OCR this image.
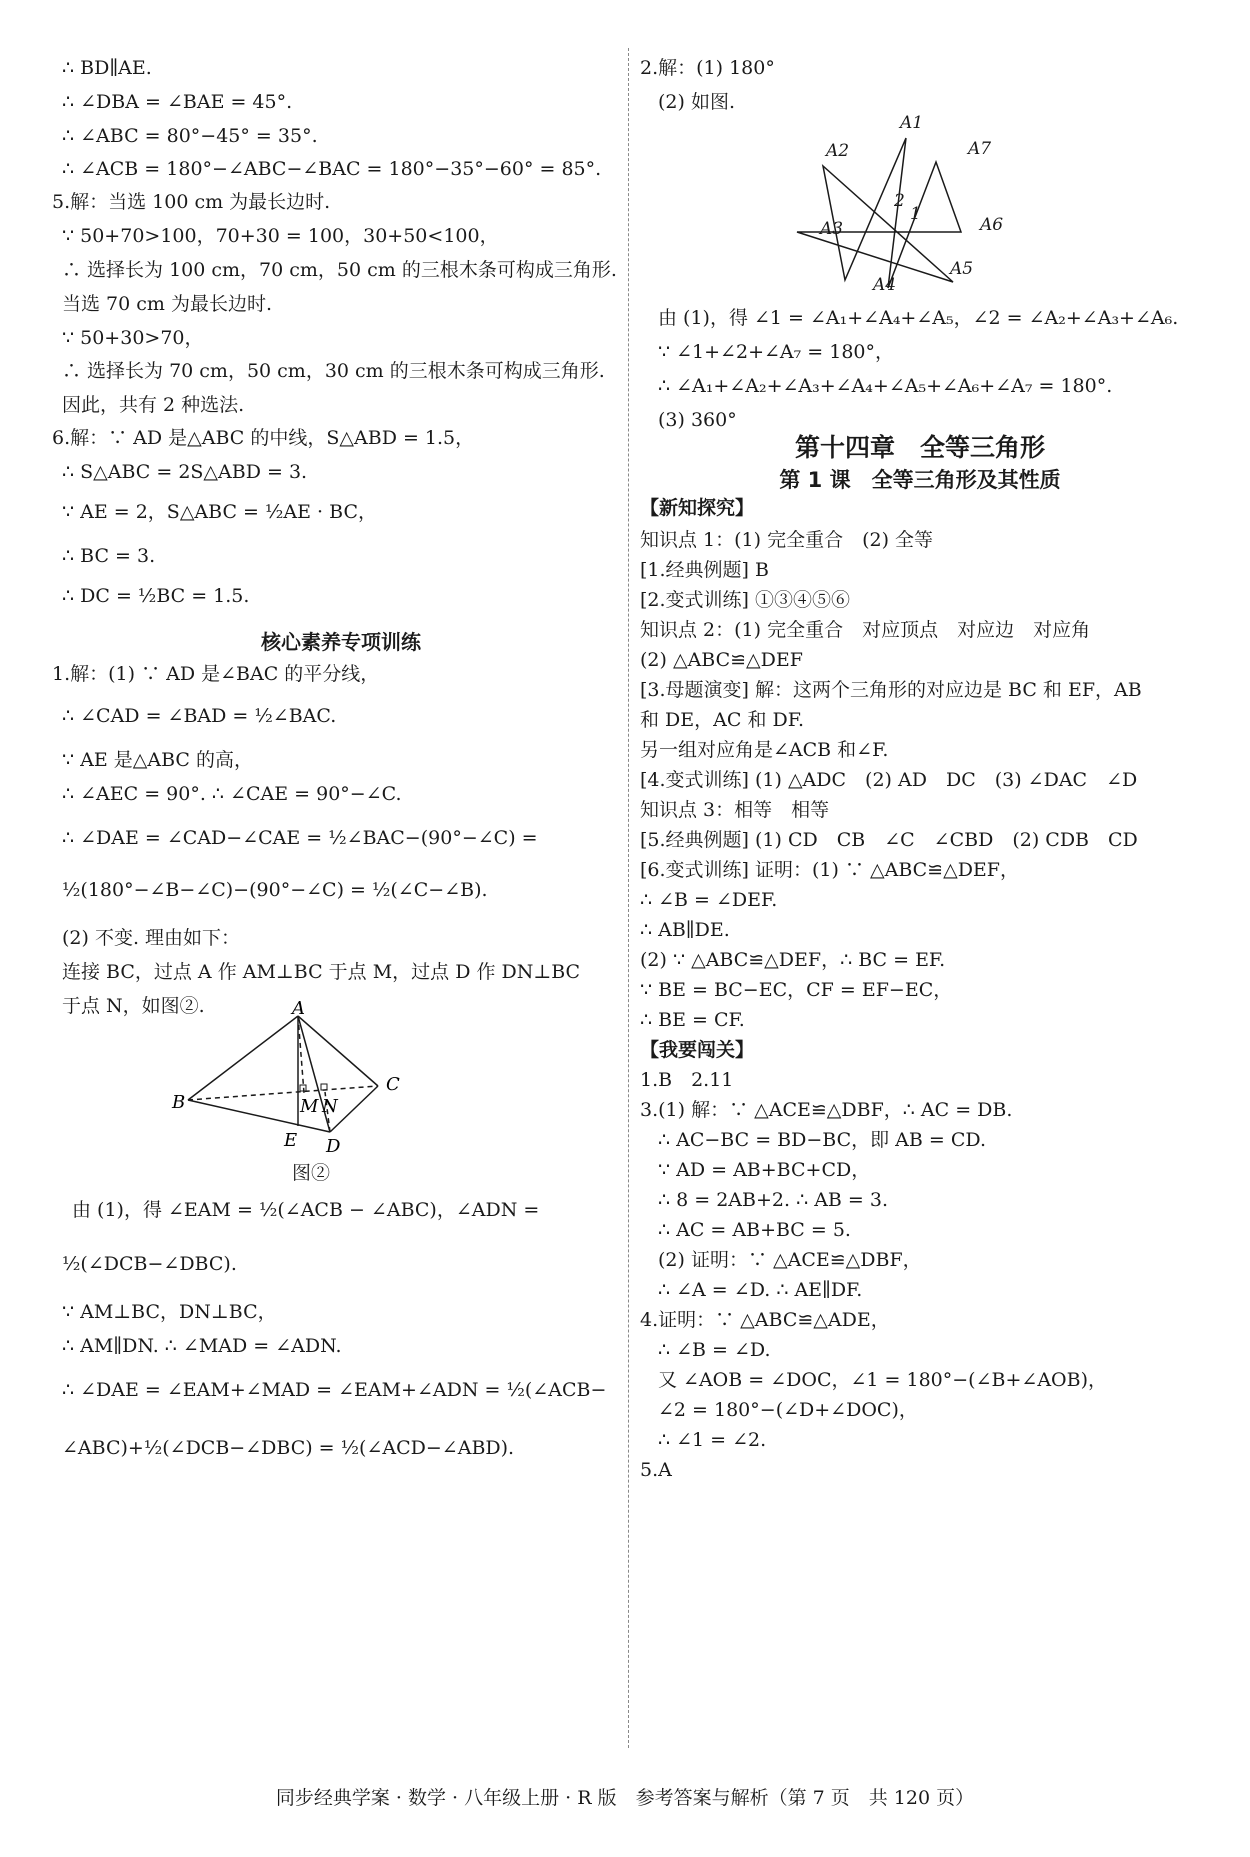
∴ BD∥AE.
∴ ∠DBA = ∠BAE = 45°.
∴ ∠ABC = 80°−45° = 35°.
∴ ∠ACB = 180°−∠ABC−∠BAC = 180°−35°−60° = 85°.
5.解：当选 100 cm 为最长边时.
∵ 50+70>100，70+30 = 100，30+50<100，
∴ 选择长为 100 cm，70 cm，50 cm 的三根木条可构成三角形.
当选 70 cm 为最长边时.
∵ 50+30>70，
∴ 选择长为 70 cm，50 cm，30 cm 的三根木条可构成三角形.
因此，共有 2 种选法.
6.解：∵ AD 是△ABC 的中线，S△ABD = 1.5，
∴ S△ABC = 2S△ABD = 3.
∵ AE = 2，S△ABC = ½AE · BC，
∴ BC = 3.
∴ DC = ½BC = 1.5.
核心素养专项训练
1.解：(1) ∵ AD 是∠BAC 的平分线，
∴ ∠CAD = ∠BAD = ½∠BAC.
∵ AE 是△ABC 的高，
∴ ∠AEC = 90°. ∴ ∠CAE = 90°−∠C.
∴ ∠DAE = ∠CAD−∠CAE = ½∠BAC−(90°−∠C) =
½(180°−∠B−∠C)−(90°−∠C) = ½(∠C−∠B).
(2) 不变. 理由如下：
连接 BC，过点 A 作 AM⊥BC 于点 M，过点 D 作 DN⊥BC
于点 N，如图②.	A
B
C
M N
E D
图②
由 (1)，得 ∠EAM = ½(∠ACB − ∠ABC)，∠ADN =
½(∠DCB−∠DBC).
∵ AM⊥BC，DN⊥BC，
∴ AM∥DN. ∴ ∠MAD = ∠ADN.
∴ ∠DAE = ∠EAM+∠MAD = ∠EAM+∠ADN = ½(∠ACB−
∠ABC)+½(∠DCB−∠DBC) = ½(∠ACD−∠ABD).
2.解：(1) 180°
(2) 如图.
A1
A2
A3
A4
A5
A6
A7
1
2
由 (1)，得 ∠1 = ∠A₁+∠A₄+∠A₅，∠2 = ∠A₂+∠A₃+∠A₆.
∵ ∠1+∠2+∠A₇ = 180°，
∴ ∠A₁+∠A₂+∠A₃+∠A₄+∠A₅+∠A₆+∠A₇ = 180°.
(3) 360°
第十四章　全等三角形
第 1 课　全等三角形及其性质
【新知探究】
知识点 1：(1) 完全重合　(2) 全等
[1.经典例题] B
[2.变式训练] ①③④⑤⑥
知识点 2：(1) 完全重合　对应顶点　对应边　对应角
(2) △ABC≌△DEF
[3.母题演变] 解：这两个三角形的对应边是 BC 和 EF，AB
和 DE，AC 和 DF.
另一组对应角是∠ACB 和∠F.
[4.变式训练] (1) △ADC　(2) AD　DC　(3) ∠DAC　∠D
知识点 3：相等　相等
[5.经典例题] (1) CD　CB　∠C　∠CBD　(2) CDB　CD
[6.变式训练] 证明：(1) ∵ △ABC≌△DEF，
∴ ∠B = ∠DEF.
∴ AB∥DE.
(2) ∵ △ABC≌△DEF，∴ BC = EF.
∵ BE = BC−EC，CF = EF−EC，
∴ BE = CF.
【我要闯关】
1.B　2.11
3.(1) 解：∵ △ACE≌△DBF，∴ AC = DB.
∴ AC−BC = BD−BC，即 AB = CD.
∵ AD = AB+BC+CD，
∴ 8 = 2AB+2. ∴ AB = 3.
∴ AC = AB+BC = 5.
(2) 证明：∵ △ACE≌△DBF，
∴ ∠A = ∠D. ∴ AE∥DF.
4.证明：∵ △ABC≌△ADE，
∴ ∠B = ∠D.
又 ∠AOB = ∠DOC，∠1 = 180°−(∠B+∠AOB)，
∠2 = 180°−(∠D+∠DOC)，
∴ ∠1 = ∠2.
5.A
同步经典学案 · 数学 · 八年级上册 · R 版　参考答案与解析（第 7 页　共 120 页）
